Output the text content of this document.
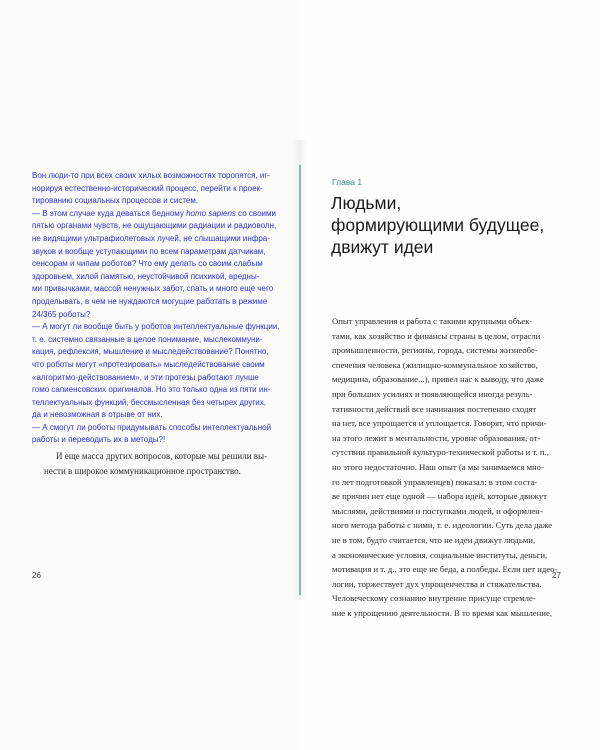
Вон люди-то при всех своих хилых возможностях торопятся, иг-
норируя естественно-исторический процесс, перейти к проек-
тированию социальных процессов и систем.

— В этом случае куда деваться бедному homo sapiens со своими
пятью органами чувств, не ощущающими радиации и радиоволн,
не видящими ультрафиолетовых лучей, не слышащими инфра-
звуков и вообще уступающими по всем параметрам датчикам,
сенсорам и чипам роботов? Что ему делать со своим слабым
здоровьем, хилой памятью, неустойчивой психикой, вредны-
ми привычками, массой ненужных забот, спать и много еще чего
проделывать, в чем не нуждаются могущие работать в режиме
24/365 роботы?

— А могут ли вообще быть у роботов интеллектуальные функции,
т. е. системно связанные в целое понимание, мыслекоммуни-
кация, рефлексия, мышление и мыследействование? Понятно,
что роботы могут «протезировать» мыследействование своим
«алгоритмо-действованием», и эти протезы работают лучше
гомо сапиенсовских оригиналов. Но это только одна из пяти ин-
теллектуальных функций, бессмысленная без четырех других,
да и невозможная в отрыве от них.

— А смогут ли роботы придумывать способы интеллектуальной
работы и переводить их в методы?!

И еще масса других вопросов, которые мы решили вы-
нести в широкое коммуникационное пространство.

26
Глава 1
Людьми,
формирующими будущее,
движут идеи

Опыт управления и работа с такими крупными объек-
тами, как хозяйство и финансы страны в целом, отрасли
промышленности, регионы, города, системы жизнеобе-
спечения человека (жилищно-коммунальное хозяйство,
медицина, образование...), привел нас к выводу, что даже
при больших усилиях и появляющейся иногда резуль-
тативности действий все начинания постепенно сходят
на нет, все упрощается и уплощается. Говорят, что причи-
на этого лежит в ментальности, уровне образования, от-
сутствии правильной культуро-технической работы и т. п.,
но этого недостаточно. Наш опыт (а мы занимаемся мно-
го лет подготовкой управленцев) показал: в этом соста-
ве причин нет еще одной — набора идей, которые движут
мыслями, действиями и поступками людей, и оформлен-
ного метода работы с ними, т. е. идеологии. Суть дела даже
не в том, будто считается, что не идеи движут людьми,
а экономические условия, социальные институты, деньги,
мотивация и т. д., это еще не беда, а полбеды. Если нет идео-
логии, торжествует дух упрощенчества и стяжательства.
Человеческому сознанию внутренне присуще стремле-
ние к упрощению деятельности. В то время как мышление,

27
